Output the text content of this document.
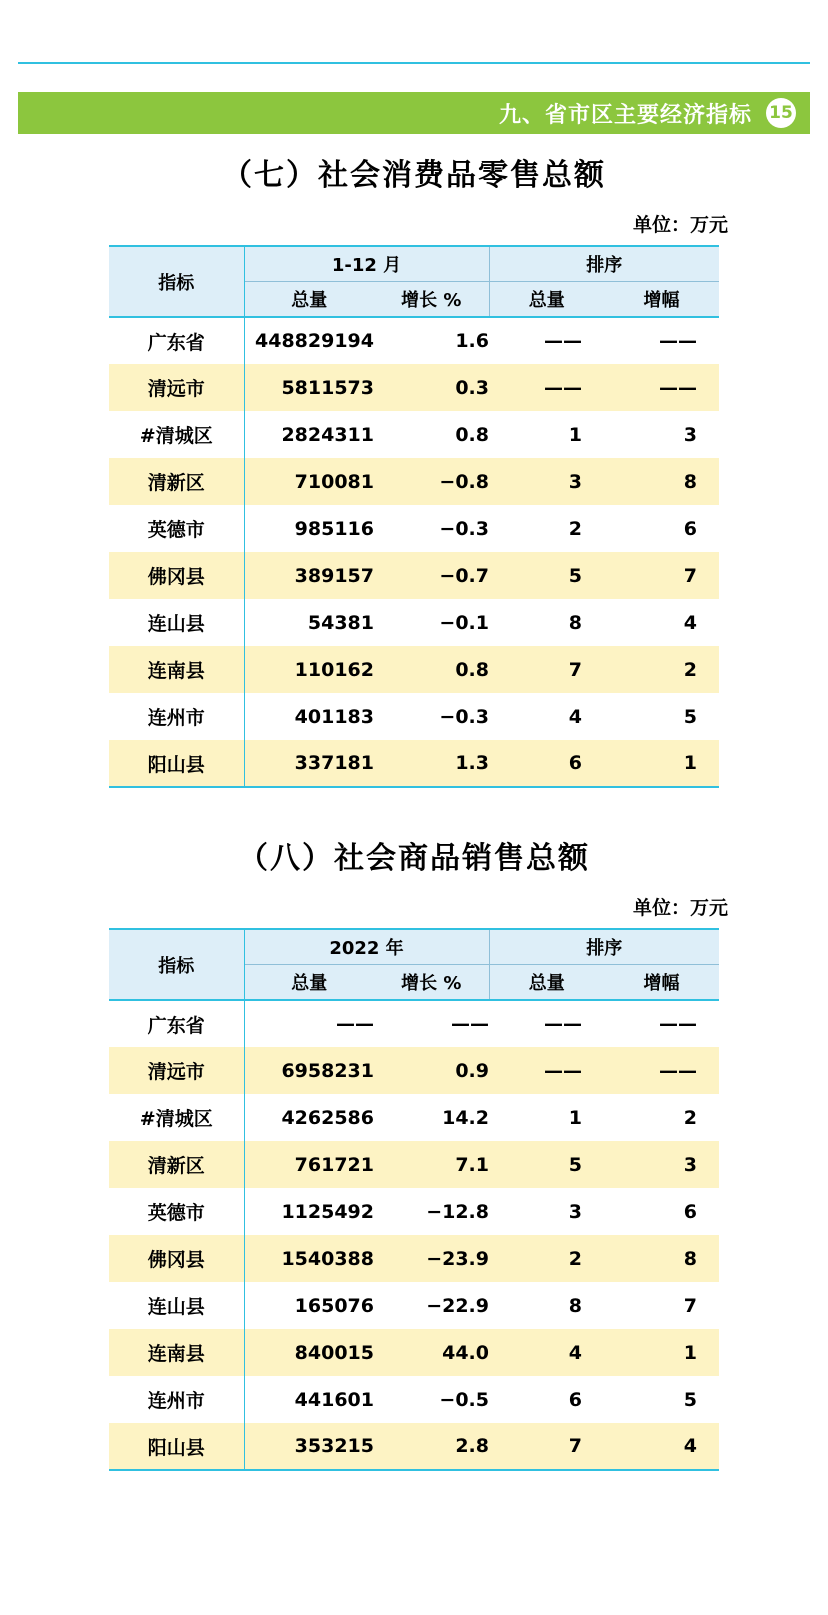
九、省市区主要经济指标 15
（七）社会消费品零售总额
单位：万元
指标	1-12 月		排序	
	总量	增长 %	总量	增幅
广东省	448829194	1.6	——	——
清远市	5811573	0.3	——	——
#清城区	2824311	0.8	1	3
清新区	710081	−0.8	3	8
英德市	985116	−0.3	2	6
佛冈县	389157	−0.7	5	7
连山县	54381	−0.1	8	4
连南县	110162	0.8	7	2
连州市	401183	−0.3	4	5
阳山县	337181	1.3	6	1
（八）社会商品销售总额
单位：万元
指标	2022 年		排序	
	总量	增长 %	总量	增幅
广东省	——	——	——	——
清远市	6958231	0.9	——	——
#清城区	4262586	14.2	1	2
清新区	761721	7.1	5	3
英德市	1125492	−12.8	3	6
佛冈县	1540388	−23.9	2	8
连山县	165076	−22.9	8	7
连南县	840015	44.0	4	1
连州市	441601	−0.5	6	5
阳山县	353215	2.8	7	4
